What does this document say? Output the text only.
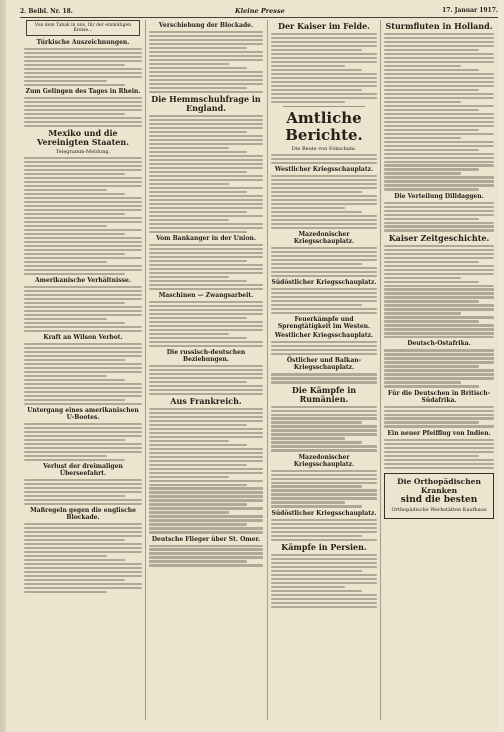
2. Beibl. Nr. 18.	Kleine Presse	17. Januar 1917.
Von dem Tabak in uns, Ihr der einmütigen Kreise...
Türkische Auszeichnungen.
Zum Gelingen des Tages in Rhein.
Mexiko und die Vereinigten Staaten.
Telegramm-Meldung.
Amerikanische Verhältnisse.
Kraft an Wilson Verbot.
Untergang eines amerikanischen U-Bootes.
Verlust der dreimaligen Überseefahrt.
Maßregeln gegen die englische Blockade.
Verschiebung der Blockade.
Die Hemmschuhfrage in England.
Vom Bankanger in der Union.
Maschinen — Zwangsarbeit.
Die russisch-deutschen Beziehungen.
Aus Frankreich.
Deutsche Flieger über St. Omer.
Der Kaiser im Felde.
Amtliche Berichte.
Die Beute von Fokschani.
Westlicher Kriegsschauplatz.
Mazedonischer Kriegsschauplatz.
Südöstlicher Kriegsschauplatz.
Feuerkämpfe und Sprengtätigkeit im Westen.
Westlicher Kriegsschauplatz.
Östlicher und Balkan-Kriegsschauplatz.
Die Kämpfe in Rumänien.
Mazedonischer Kriegsschauplatz.
Südöstlicher Kriegsschauplatz.
Kämpfe in Persien.
Sturmfluten in Holland.
Die Verteilung Dilldaggen.
Kaiser Zeitgeschichte.
Deutsch-Ostafrika.
Für die Deutschen in Britisch-Südafrika.
Ein neuer Pfeifflug von Indien.
Die Orthopädischen Kranken
sind die besten
Orthopädische Werkstätten Kaufhaus
